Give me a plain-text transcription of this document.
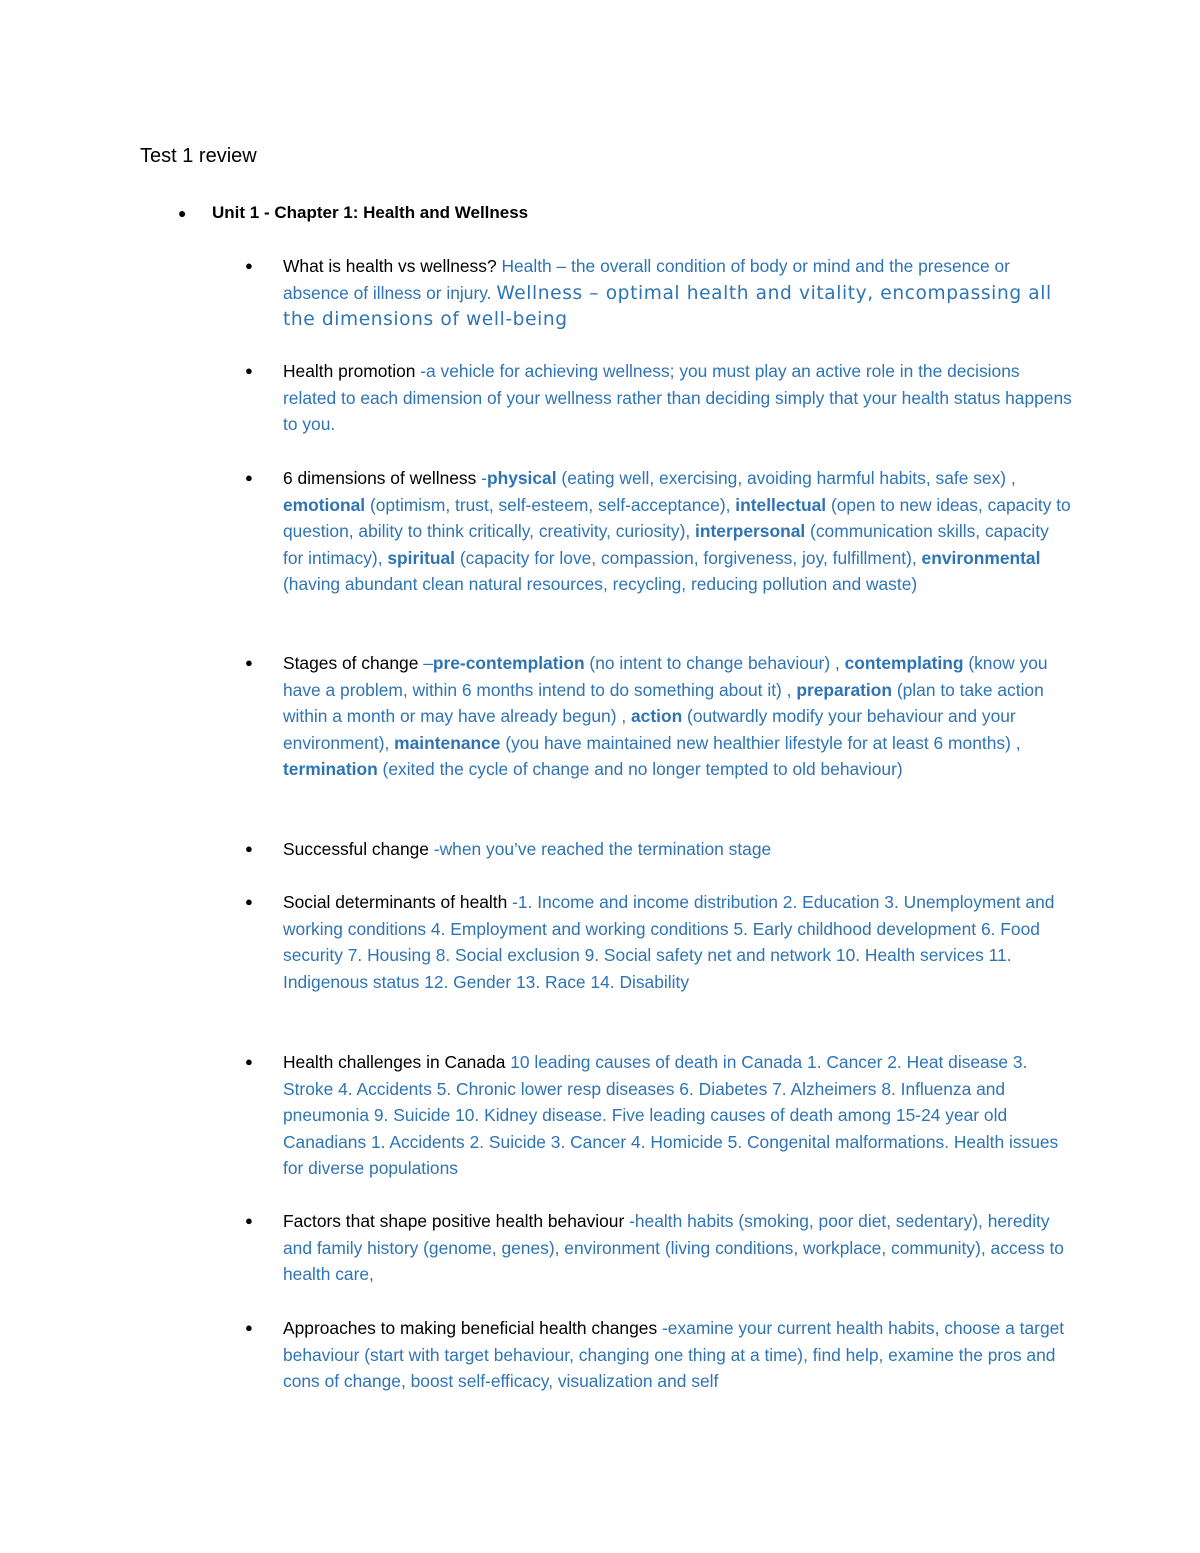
Test 1 review
● Unit 1 - Chapter 1: Health and Wellness
●	What is health vs wellness? Health – the overall condition of body or mind and the presence or absence of illness or injury. Wellness – optimal health and vitality, encompassing all the dimensions of well-being
●	Health promotion -a vehicle for achieving wellness; you must play an active role in the decisions related to each dimension of your wellness rather than deciding simply that your health status happens to you.
●	6 dimensions of wellness -physical (eating well, exercising, avoiding harmful habits, safe sex) , emotional (optimism, trust, self-esteem, self-acceptance), intellectual (open to new ideas, capacity to question, ability to think critically, creativity, curiosity), interpersonal (communication skills, capacity for intimacy), spiritual (capacity for love, compassion, forgiveness, joy, fulfillment), environmental (having abundant clean natural resources, recycling, reducing pollution and waste)
●	Stages of change –pre-contemplation (no intent to change behaviour) , contemplating (know you have a problem, within 6 months intend to do something about it) , preparation (plan to take action within a month or may have already begun) , action (outwardly modify your behaviour and your environment), maintenance (you have maintained new healthier lifestyle for at least 6 months) , termination (exited the cycle of change and no longer tempted to old behaviour)
●	Successful change -when you’ve reached the termination stage
●	Social determinants of health -1. Income and income distribution 2. Education 3. Unemployment and working conditions 4. Employment and working conditions 5. Early childhood development 6. Food security 7. Housing 8. Social exclusion 9. Social safety net and network 10. Health services 11. Indigenous status 12. Gender 13. Race 14. Disability
●	Health challenges in Canada 10 leading causes of death in Canada 1. Cancer 2. Heat disease 3. Stroke 4. Accidents 5. Chronic lower resp diseases 6. Diabetes 7. Alzheimers 8. Influenza and pneumonia 9. Suicide 10. Kidney disease. Five leading causes of death among 15-24 year old Canadians 1. Accidents 2. Suicide 3. Cancer 4. Homicide 5. Congenital malformations. Health issues for diverse populations
●	Factors that shape positive health behaviour -health habits (smoking, poor diet, sedentary), heredity and family history (genome, genes), environment (living conditions, workplace, community), access to health care,
●	Approaches to making beneficial health changes -examine your current health habits, choose a target behaviour (start with target behaviour, changing one thing at a time), find help, examine the pros and cons of change, boost self-efficacy, visualization and self
